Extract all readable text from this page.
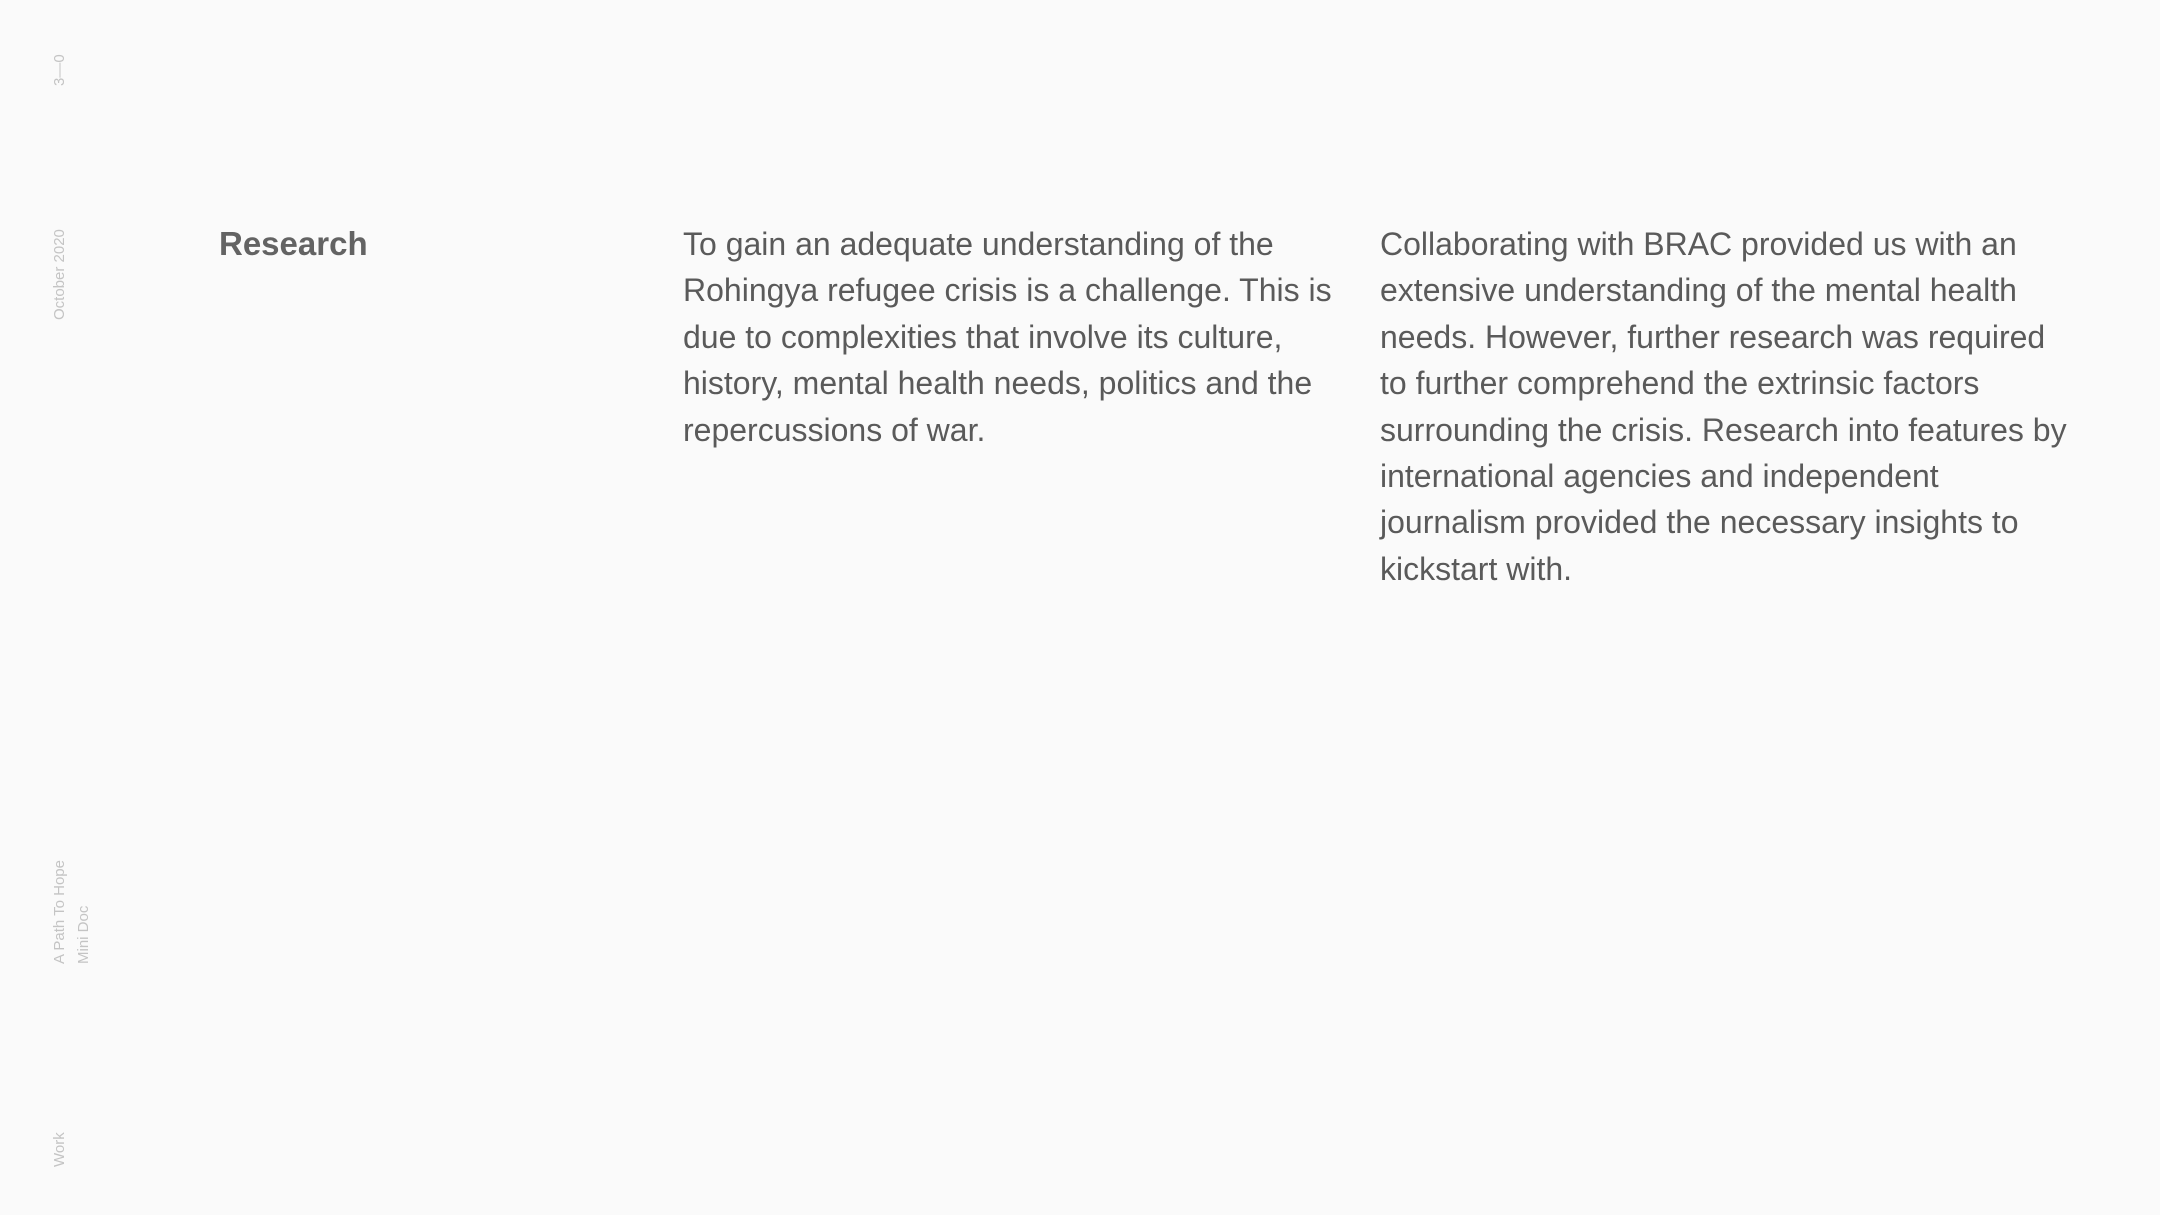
3—0
October 2020
A Path To Hope Mini Doc
Work
Research	To gain an adequate understanding of the Rohingya refugee crisis is a challenge. This is due to complexities that involve its culture, history, mental health needs, politics and the repercussions of war.

Collaborating with BRAC provided us with an extensive understanding of the mental health needs. However, further research was required to further comprehend the extrinsic factors surrounding the crisis. Research into features by international agencies and independent journalism provided the necessary insights to kickstart with.
